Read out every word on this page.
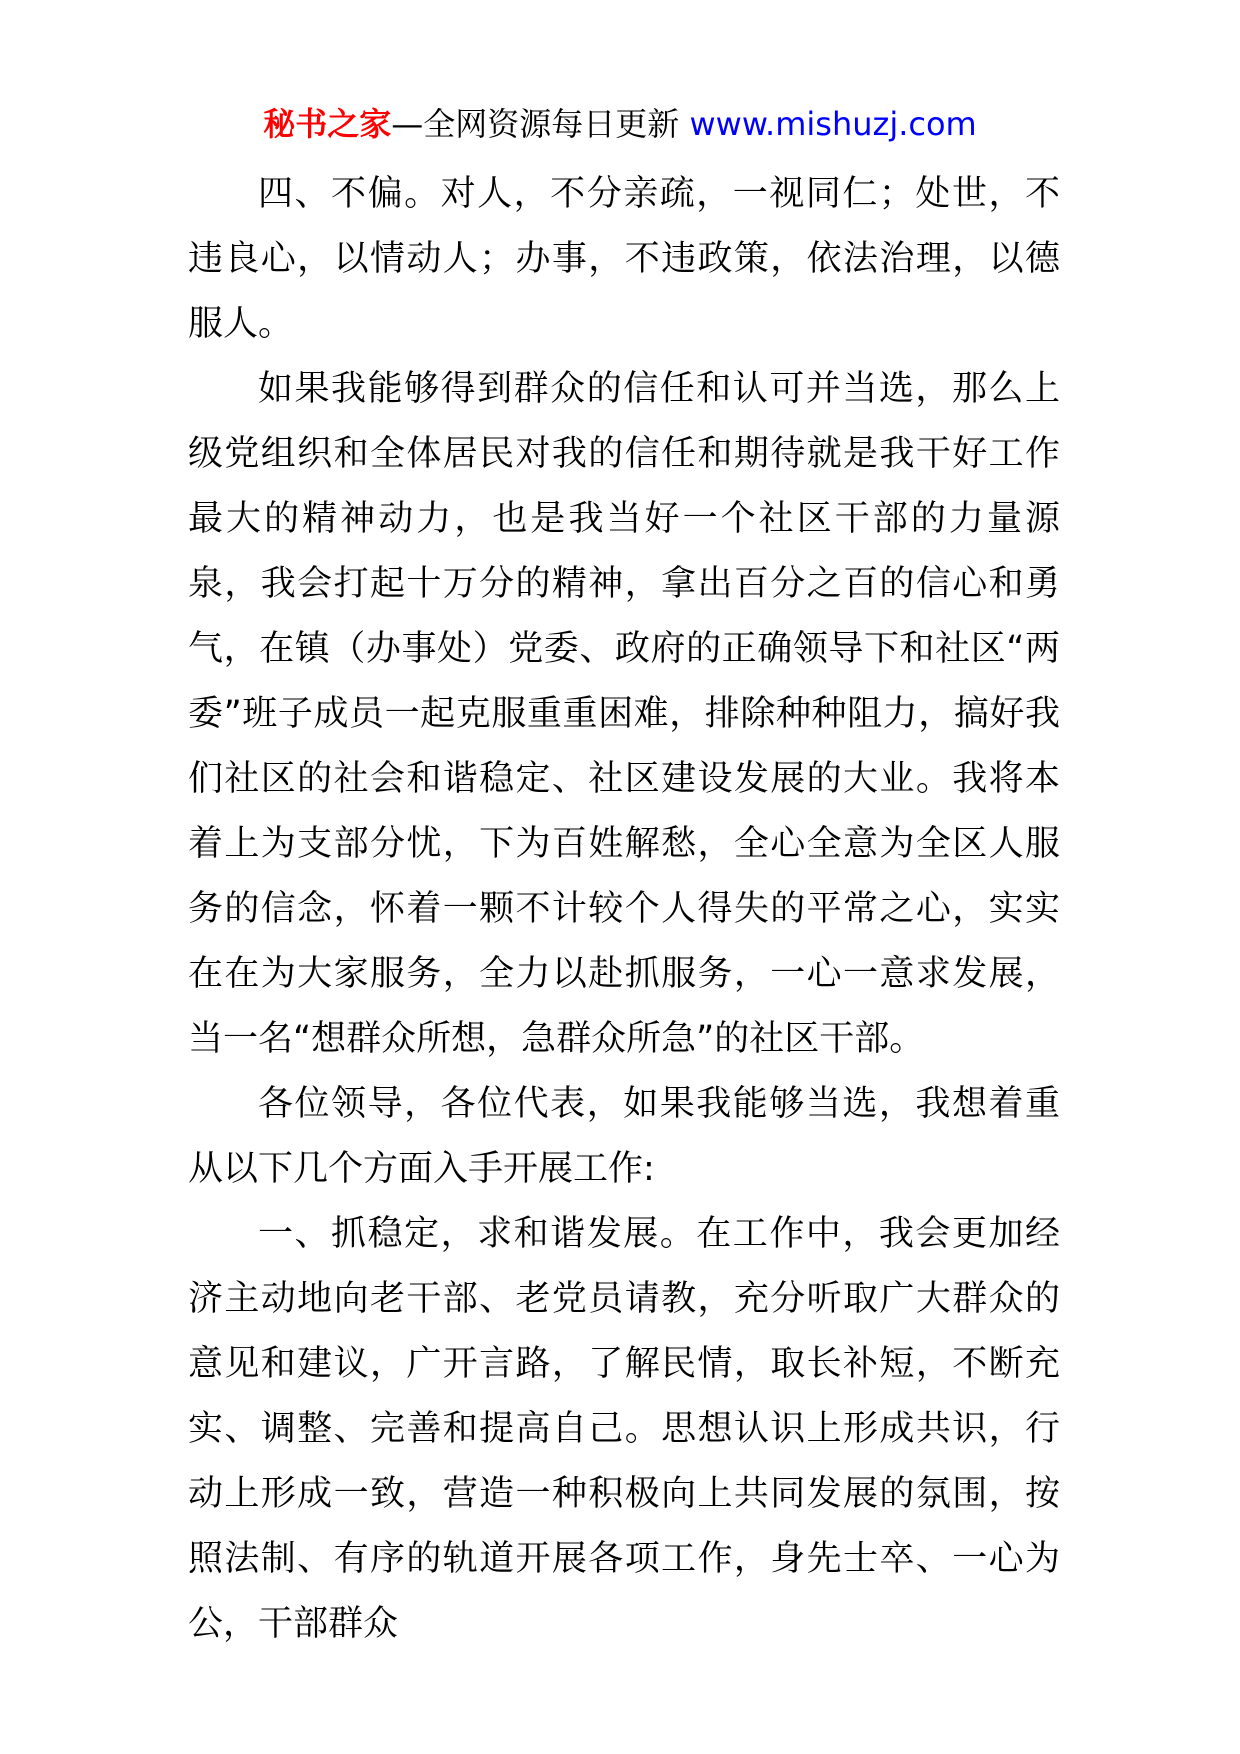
秘书之家—全网资源每日更新 www.mishuzj.com

四、不偏。对人，不分亲疏，一视同仁；处世，不违良心，以情动人；办事，不违政策，依法治理，以德服人。

如果我能够得到群众的信任和认可并当选，那么上级党组织和全体居民对我的信任和期待就是我干好工作最大的精神动力，也是我当好一个社区干部的力量源泉，我会打起十万分的精神，拿出百分之百的信心和勇气，在镇（办事处）党委、政府的正确领导下和社区“两委”班子成员一起克服重重困难，排除种种阻力，搞好我们社区的社会和谐稳定、社区建设发展的大业。我将本着上为支部分忧，下为百姓解愁，全心全意为全区人服务的信念，怀着一颗不计较个人得失的平常之心，实实在在为大家服务，全力以赴抓服务，一心一意求发展，当一名“想群众所想，急群众所急”的社区干部。

各位领导，各位代表，如果我能够当选，我想着重从以下几个方面入手开展工作:

一、抓稳定，求和谐发展。在工作中，我会更加经济主动地向老干部、老党员请教，充分听取广大群众的意见和建议，广开言路，了解民情，取长补短，不断充实、调整、完善和提高自己。思想认识上形成共识，行动上形成一致，营造一种积极向上共同发展的氛围，按照法制、有序的轨道开展各项工作，身先士卒、一心为公，干部群众
